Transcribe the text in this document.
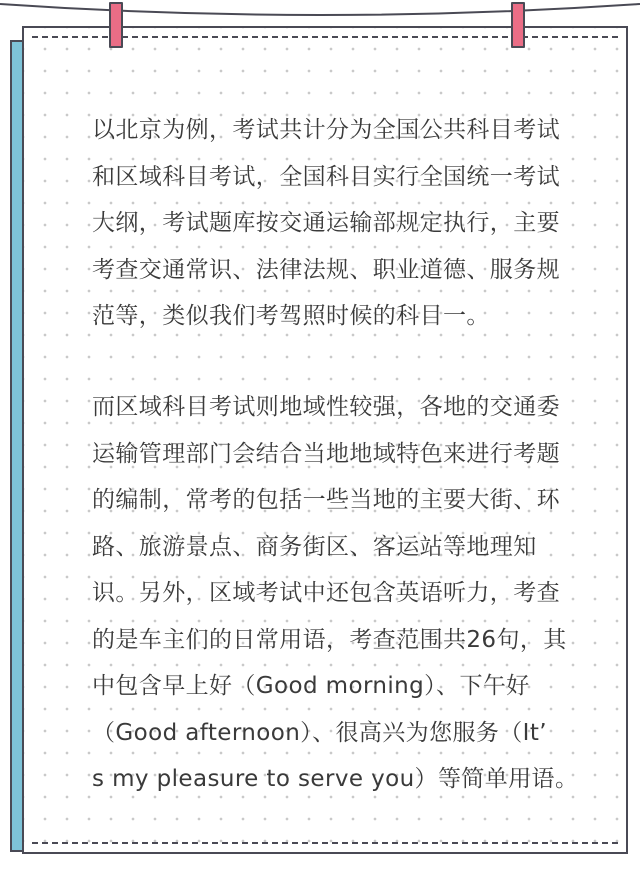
以北京为例，考试共计分为全国公共科目考试
和区域科目考试，全国科目实行全国统一考试
大纲，考试题库按交通运输部规定执行，主要
考查交通常识、法律法规、职业道德、服务规
范等，类似我们考驾照时候的科目一。
而区域科目考试则地域性较强，各地的交通委
运输管理部门会结合当地地域特色来进行考题
的编制，常考的包括一些当地的主要大街、环
路、旅游景点、商务街区、客运站等地理知
识。另外，区域考试中还包含英语听力，考查
的是车主们的日常用语，考查范围共26句，其
中包含早上好（Good morning）、下午好
（Good afternoon）、很高兴为您服务（It’
s my pleasure to serve you）等简单用语。
